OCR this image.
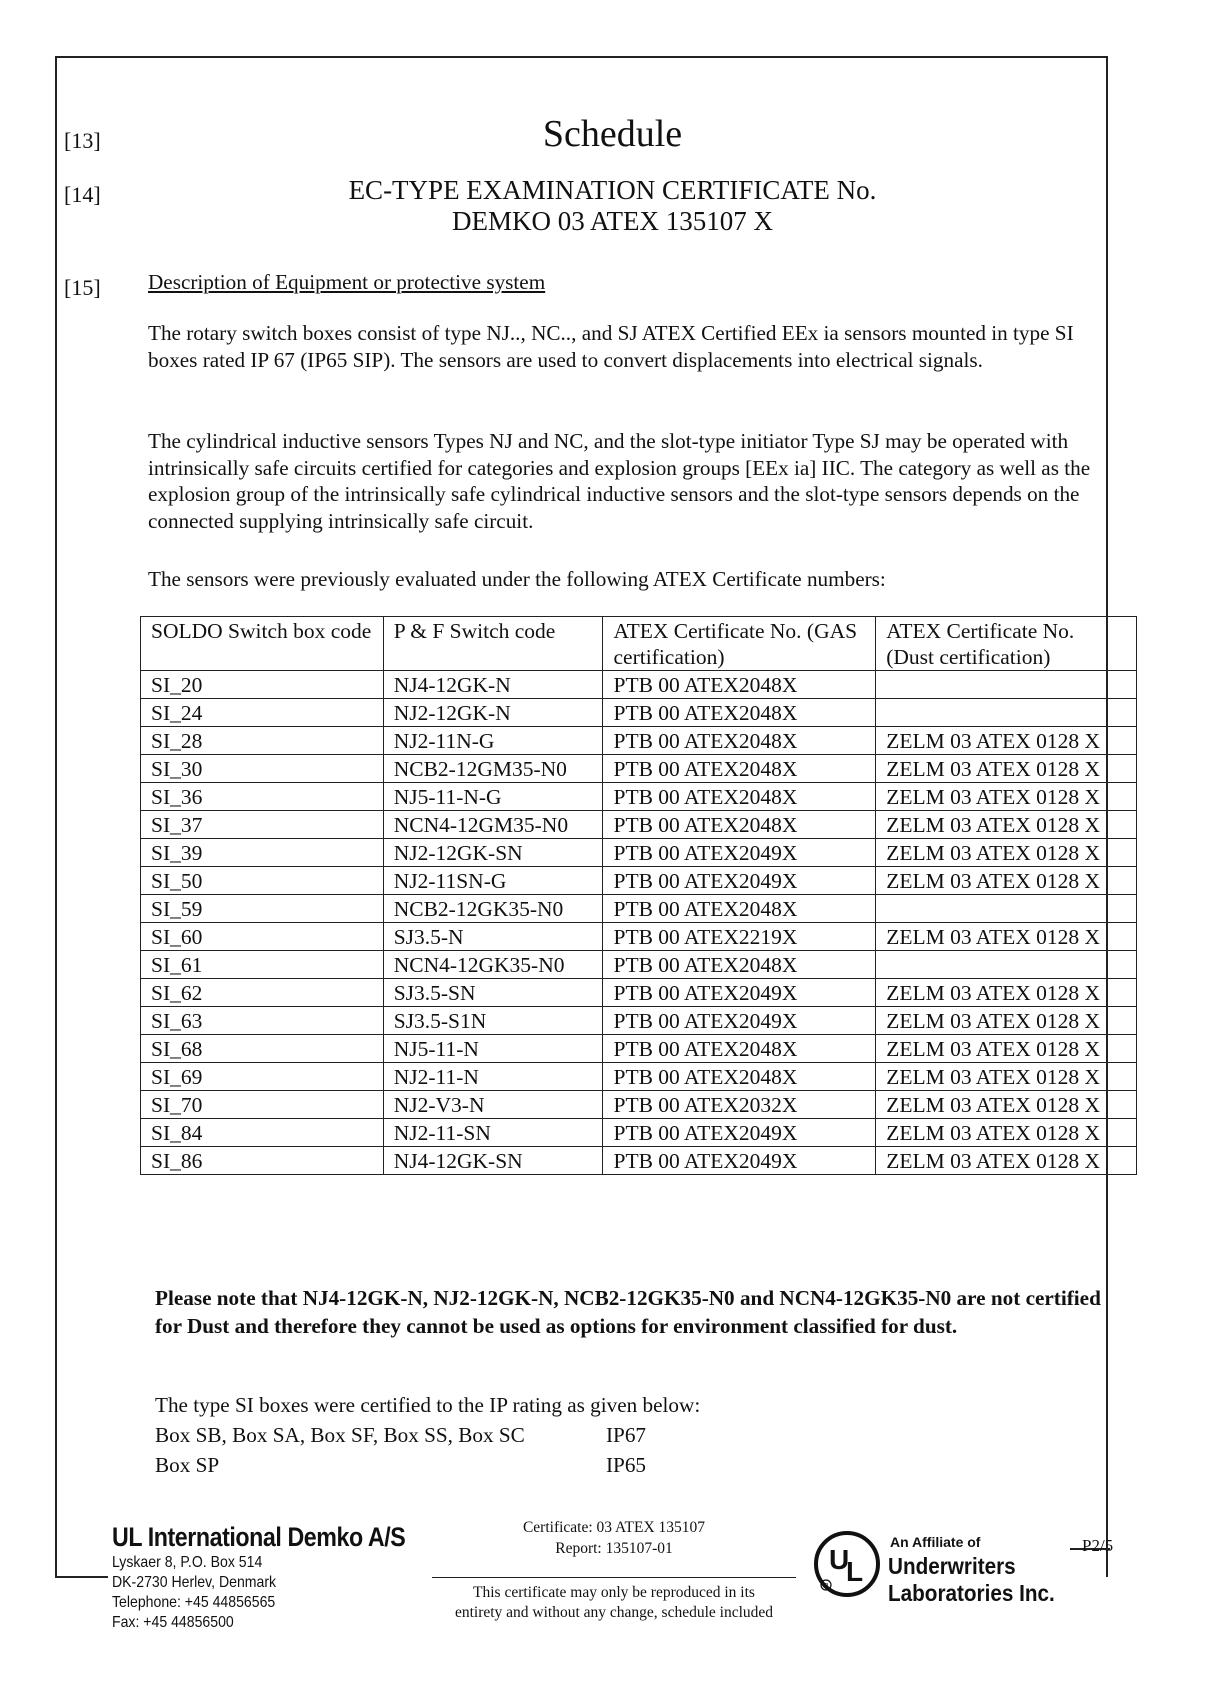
[13]
[14]
[15]
Schedule
EC-TYPE EXAMINATION CERTIFICATE No.
DEMKO 03 ATEX 135107 X
Description of Equipment or protective system
The rotary switch boxes consist of type NJ.., NC.., and SJ ATEX Certified EEx ia sensors mounted in type SI boxes rated IP 67 (IP65 SIP). The sensors are used to convert displacements into electrical signals.
The cylindrical inductive sensors Types NJ and NC, and the slot-type initiator Type SJ may be operated with intrinsically safe circuits certified for categories and explosion groups [EEx ia] IIC. The category as well as the explosion group of the intrinsically safe cylindrical inductive sensors and the slot-type sensors depends on the connected supplying intrinsically safe circuit.
The sensors were previously evaluated under the following ATEX Certificate numbers:
SOLDO Switch box code	P & F Switch code	ATEX Certificate No. (GAS certification)	ATEX Certificate No. (Dust certification)
SI_20	NJ4-12GK-N	PTB 00 ATEX2048X	
SI_24	NJ2-12GK-N	PTB 00 ATEX2048X	
SI_28	NJ2-11N-G	PTB 00 ATEX2048X	ZELM 03 ATEX 0128 X
SI_30	NCB2-12GM35-N0	PTB 00 ATEX2048X	ZELM 03 ATEX 0128 X
SI_36	NJ5-11-N-G	PTB 00 ATEX2048X	ZELM 03 ATEX 0128 X
SI_37	NCN4-12GM35-N0	PTB 00 ATEX2048X	ZELM 03 ATEX 0128 X
SI_39	NJ2-12GK-SN	PTB 00 ATEX2049X	ZELM 03 ATEX 0128 X
SI_50	NJ2-11SN-G	PTB 00 ATEX2049X	ZELM 03 ATEX 0128 X
SI_59	NCB2-12GK35-N0	PTB 00 ATEX2048X	
SI_60	SJ3.5-N	PTB 00 ATEX2219X	ZELM 03 ATEX 0128 X
SI_61	NCN4-12GK35-N0	PTB 00 ATEX2048X	
SI_62	SJ3.5-SN	PTB 00 ATEX2049X	ZELM 03 ATEX 0128 X
SI_63	SJ3.5-S1N	PTB 00 ATEX2049X	ZELM 03 ATEX 0128 X
SI_68	NJ5-11-N	PTB 00 ATEX2048X	ZELM 03 ATEX 0128 X
SI_69	NJ2-11-N	PTB 00 ATEX2048X	ZELM 03 ATEX 0128 X
SI_70	NJ2-V3-N	PTB 00 ATEX2032X	ZELM 03 ATEX 0128 X
SI_84	NJ2-11-SN	PTB 00 ATEX2049X	ZELM 03 ATEX 0128 X
SI_86	NJ4-12GK-SN	PTB 00 ATEX2049X	ZELM 03 ATEX 0128 X
Please note that NJ4-12GK-N, NJ2-12GK-N, NCB2-12GK35-N0 and NCN4-12GK35-N0 are not certified for Dust and therefore they cannot be used as options for environment classified for dust.
The type SI boxes were certified to the IP rating as given below:
Box SB, Box SA, Box SF, Box SS, Box SC	IP67
Box SP	IP65
UL International Demko A/S
Lyskaer 8, P.O. Box 514
DK-2730 Herlev, Denmark
Telephone: +45 44856565
Fax: +45 44856500
Certificate: 03 ATEX 135107
Report: 135107-01
This certificate may only be reproduced in its
entirety and without any change, schedule included
U
L
R
An Affiliate of
Underwriters
Laboratories Inc.
P2/5
